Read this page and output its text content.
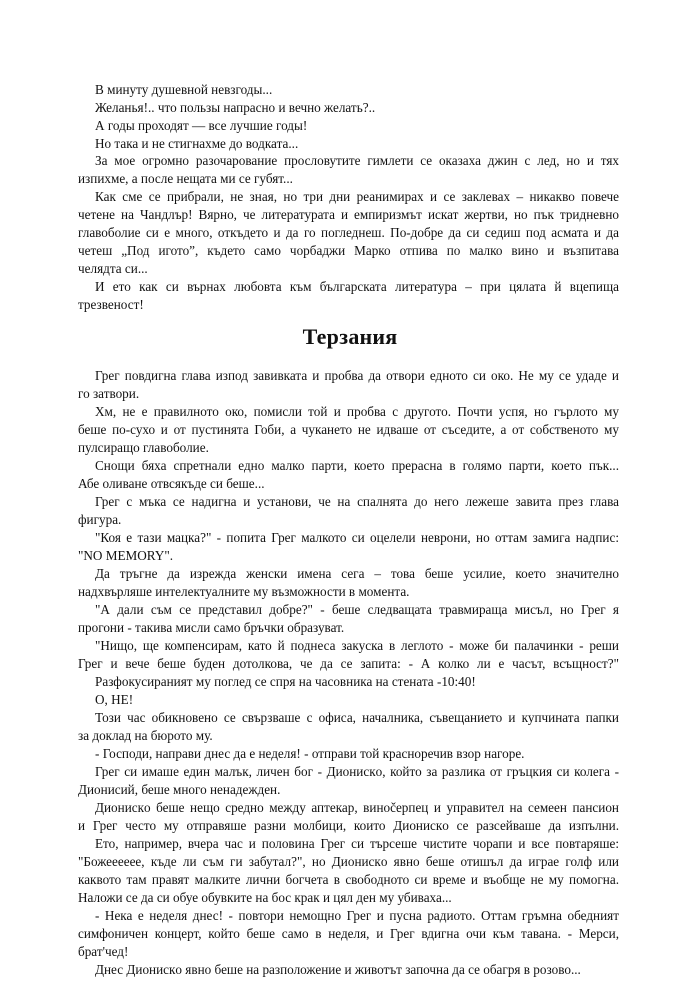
В минуту душевной невзгоды...
Желанья!.. что пользы напрасно и вечно желать?..
А годы проходят — все лучшие годы!
Но така и не стигнахме до водката...
За мое огромно разочарование прословутите гимлети се оказаха джин с лед, но и тях
изпихме, а после нещата ми се губят...
Как сме се прибрали, не зная, но три дни реанимирах и се заклевах – никакво повече
четене на Чандлър! Вярно, че литературата и емпиризмът искат жертви, но пък тридневно
главоболие си е много, откъдето и да го погледнеш. По-добре да си седиш под асмата и да
четеш „Под игото”, където само чорбаджи Марко отпива по малко вино и възпитава
челядта си...
И ето как си върнах любовта към българската литература – при цялата й вцепища
трезвеност!
Терзания
Грег повдигна глава изпод завивката и пробва да отвори едното си око. Не му се удаде и
го затвори.
Хм, не е правилното око, помисли той и пробва с другото. Почти успя, но гърлото му
беше по-сухо и от пустинята Гоби, а чукането не идваше от съседите, а от собственото му
пулсиращо главоболие.
Снощи бяха спретнали едно малко парти, което прерасна в голямо парти, което пък...
Абе оливане отвсякъде си беше...
Грег с мъка се надигна и установи, че на спалнята до него лежеше завита през глава
фигура.
"Коя е тази мацка?" - попита Грег малкото си оцелели неврони, но оттам замига надпис:
"NO MEMORY".
Да тръгне да изрежда женски имена сега – това беше усилие, което значително
надхвърляше интелектуалните му възможности в момента.
"А дали съм се представил добре?" - беше следващата травмираща мисъл, но Грег я
прогони - такива мисли само бръчки образуват.
"Нищо, ще компенсирам, като й поднеса закуска в леглото - може би палачинки - реши
Грег и вече беше буден дотолкова, че да се запита: - А колко ли е часът, всъщност?"
Разфокусираният му поглед се спря на часовника на стената -10:40!
О, НЕ!
Този час обикновено се свързваше с офиса, началника, съвещанието и купчината папки
за доклад на бюрото му.
- Господи, направи днес да е неделя! - отправи той красноречив взор нагоре.
Грег си имаше един малък, личен бог - Дионискo, който за разлика от гръцкия си колега -
Дионисий, беше много ненадежден.
Дионискo беше нещо средно между аптекар, винočерпец и управител на семеен пансион
и Грег често му отправяше разни молбици, които Дионискo се разсейваше да изпълни.
Ето, например, вчера час и половина Грег си търсеше чистите чорапи и все повтаряше:
"Божееееее, къде ли съм ги забутал?", но Дионискo явно беше отишъл да играе голф или
каквото там правят малките лични богчета в свободното си време и въобще не му помогна.
Наложи се да си обуе обувките на бос крак и цял ден му убиваха...
- Нека е неделя днес! - повтори немощно Грег и пусна радиото. Оттам гръмна обедният
симфоничен концерт, който беше само в неделя, и Грег вдигна очи към тавана. - Мерси,
брат'чед!
Днес Дионискo явно беше на разположение и животът започна да се обагря в розово...
